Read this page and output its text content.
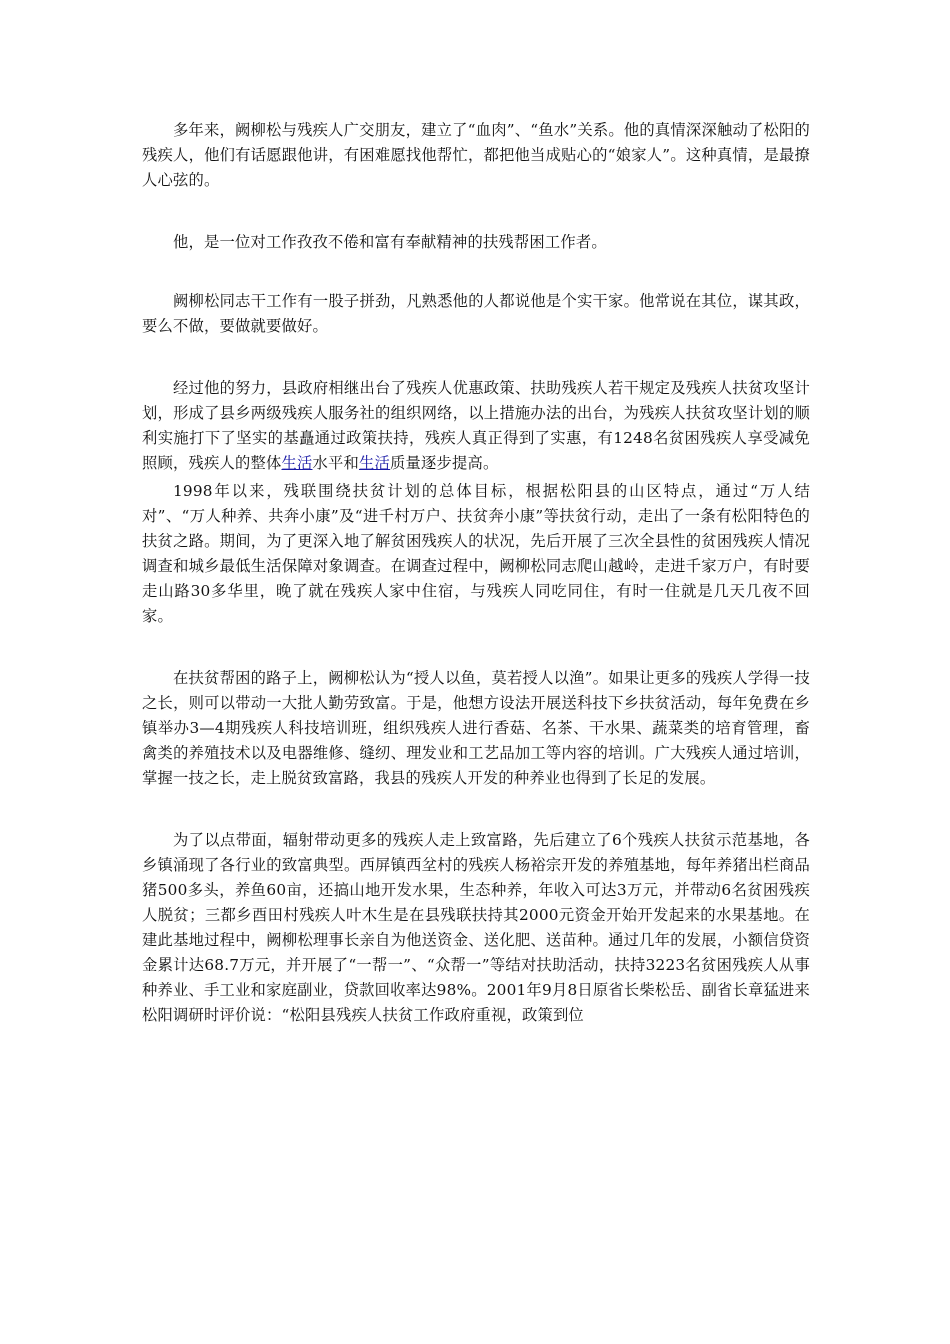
多年来，阙柳松与残疾人广交朋友，建立了“血肉”、“鱼水”关系。他的真情深深触动了松阳的残疾人，他们有话愿跟他讲，有困难愿找他帮忙，都把他当成贴心的“娘家人”。这种真情，是最撩人心弦的。

他，是一位对工作孜孜不倦和富有奉献精神的扶残帮困工作者。

阙柳松同志干工作有一股子拼劲，凡熟悉他的人都说他是个实干家。他常说在其位，谋其政，要么不做，要做就要做好。

经过他的努力，县政府相继出台了残疾人优惠政策、扶助残疾人若干规定及残疾人扶贫攻坚计划，形成了县乡两级残疾人服务社的组织网络，以上措施办法的出台，为残疾人扶贫攻坚计划的顺利实施打下了坚实的基矗通过政策扶持，残疾人真正得到了实惠，有1248名贫困残疾人享受减免照顾，残疾人的整体生活水平和生活质量逐步提高。

1998年以来，残联围绕扶贫计划的总体目标，根据松阳县的山区特点，通过“万人结对”、“万人种养、共奔小康”及“进千村万户、扶贫奔小康”等扶贫行动，走出了一条有松阳特色的扶贫之路。期间，为了更深入地了解贫困残疾人的状况，先后开展了三次全县性的贫困残疾人情况调查和城乡最低生活保障对象调查。在调查过程中，阙柳松同志爬山越岭，走进千家万户，有时要走山路30多华里，晚了就在残疾人家中住宿，与残疾人同吃同住，有时一住就是几天几夜不回家。

在扶贫帮困的路子上，阙柳松认为“授人以鱼，莫若授人以渔”。如果让更多的残疾人学得一技之长，则可以带动一大批人勤劳致富。于是，他想方设法开展送科技下乡扶贫活动，每年免费在乡镇举办3—4期残疾人科技培训班，组织残疾人进行香菇、名茶、干水果、蔬菜类的培育管理，畜禽类的养殖技术以及电器维修、缝纫、理发业和工艺品加工等内容的培训。广大残疾人通过培训，掌握一技之长，走上脱贫致富路，我县的残疾人开发的种养业也得到了长足的发展。

为了以点带面，辐射带动更多的残疾人走上致富路，先后建立了6个残疾人扶贫示范基地，各乡镇涌现了各行业的致富典型。西屏镇西坌村的残疾人杨裕宗开发的养殖基地，每年养猪出栏商品猪500多头，养鱼60亩，还搞山地开发水果，生态种养，年收入可达3万元，并带动6名贫困残疾人脱贫；三都乡酉田村残疾人叶木生是在县残联扶持其2000元资金开始开发起来的水果基地。在建此基地过程中，阙柳松理事长亲自为他送资金、送化肥、送苗种。通过几年的发展，小额信贷资金累计达68.7万元，并开展了“一帮一”、“众帮一”等结对扶助活动，扶持3223名贫困残疾人从事种养业、手工业和家庭副业，贷款回收率达98%。2001年9月8日原省长柴松岳、副省长章猛进来松阳调研时评价说：“松阳县残疾人扶贫工作政府重视，政策到位
